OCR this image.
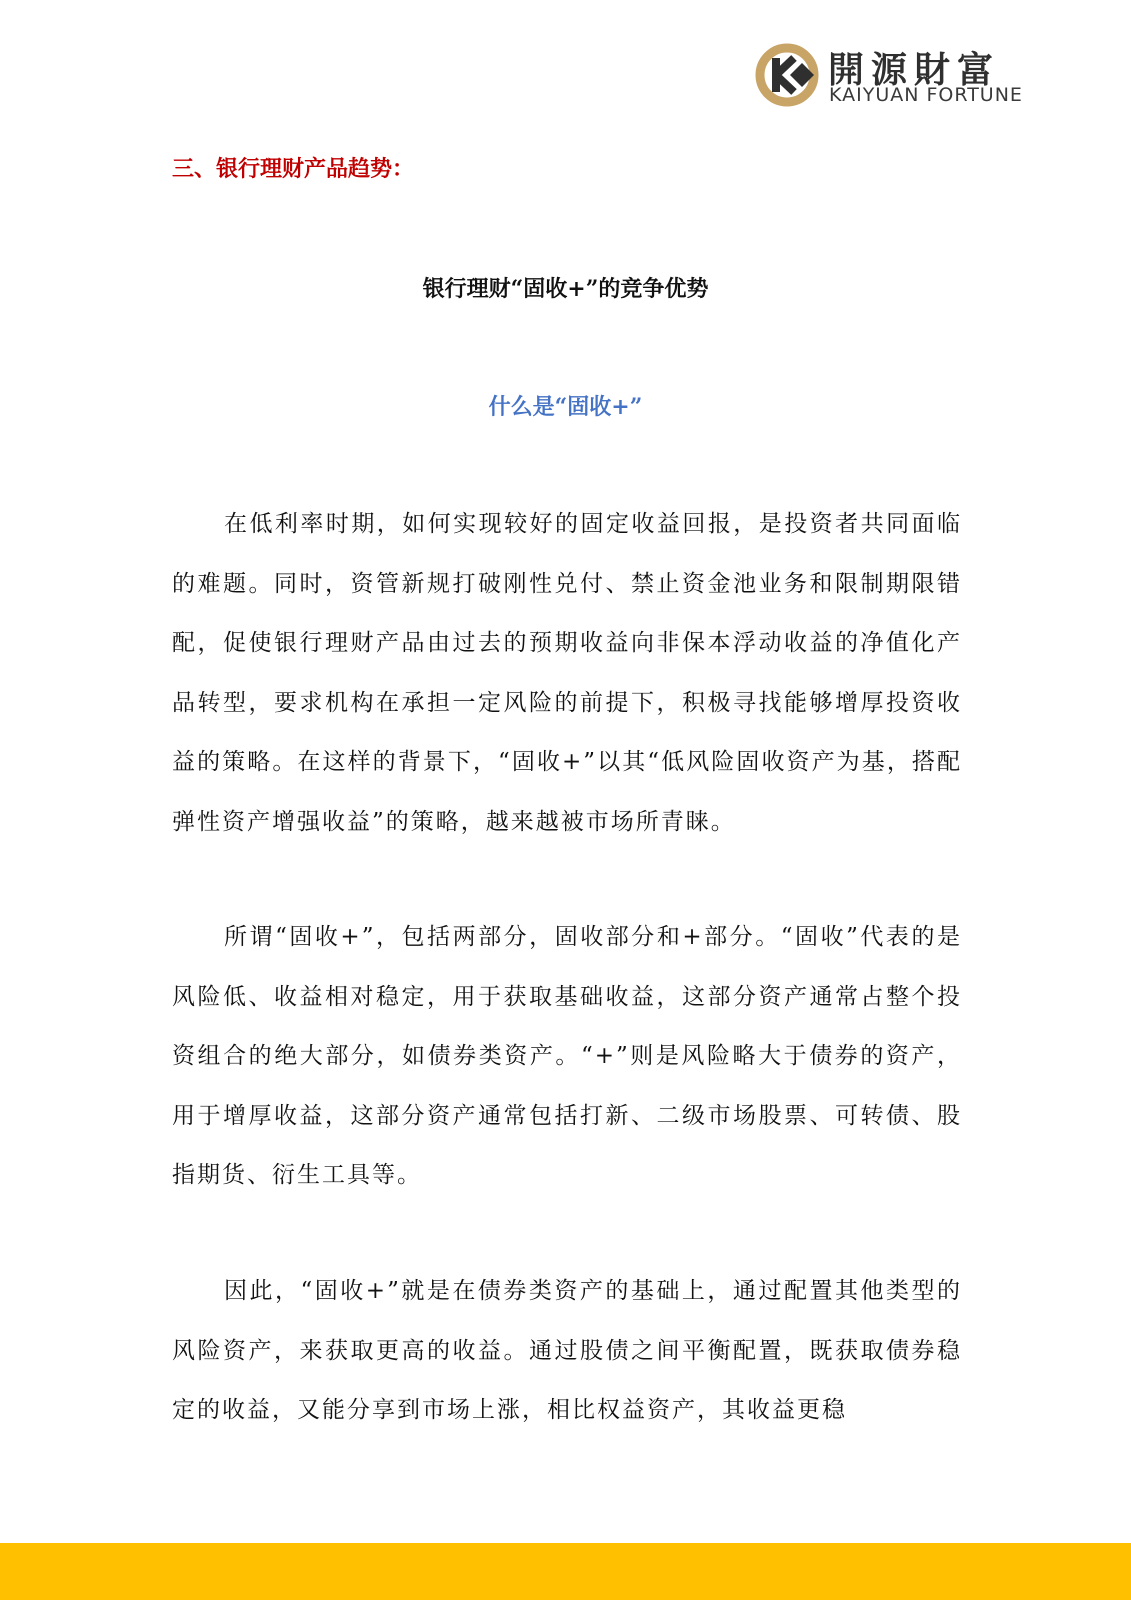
開源財富
KAIYUAN FORTUNE
三、银行理财产品趋势：
银行理财“固收+”的竞争优势
什么是“固收+”

在低利率时期，如何实现较好的固定收益回报，是投资者共同面临的难题。同时，资管新规打破刚性兑付、禁止资金池业务和限制期限错配，促使银行理财产品由过去的预期收益向非保本浮动收益的净值化产品转型，要求机构在承担一定风险的前提下，积极寻找能够增厚投资收益的策略。在这样的背景下，“固收+”以其“低风险固收资产为基，搭配弹性资产增强收益”的策略，越来越被市场所青睐。

所谓“固收+”，包括两部分，固收部分和+部分。“固收”代表的是风险低、收益相对稳定，用于获取基础收益，这部分资产通常占整个投资组合的绝大部分，如债券类资产。“+”则是风险略大于债券的资产，用于增厚收益，这部分资产通常包括打新、二级市场股票、可转债、股指期货、衍生工具等。

因此，“固收+”就是在债券类资产的基础上，通过配置其他类型的风险资产，来获取更高的收益。通过股债之间平衡配置，既获取债券稳定的收益，又能分享到市场上涨，相比权益资产，其收益更稳
